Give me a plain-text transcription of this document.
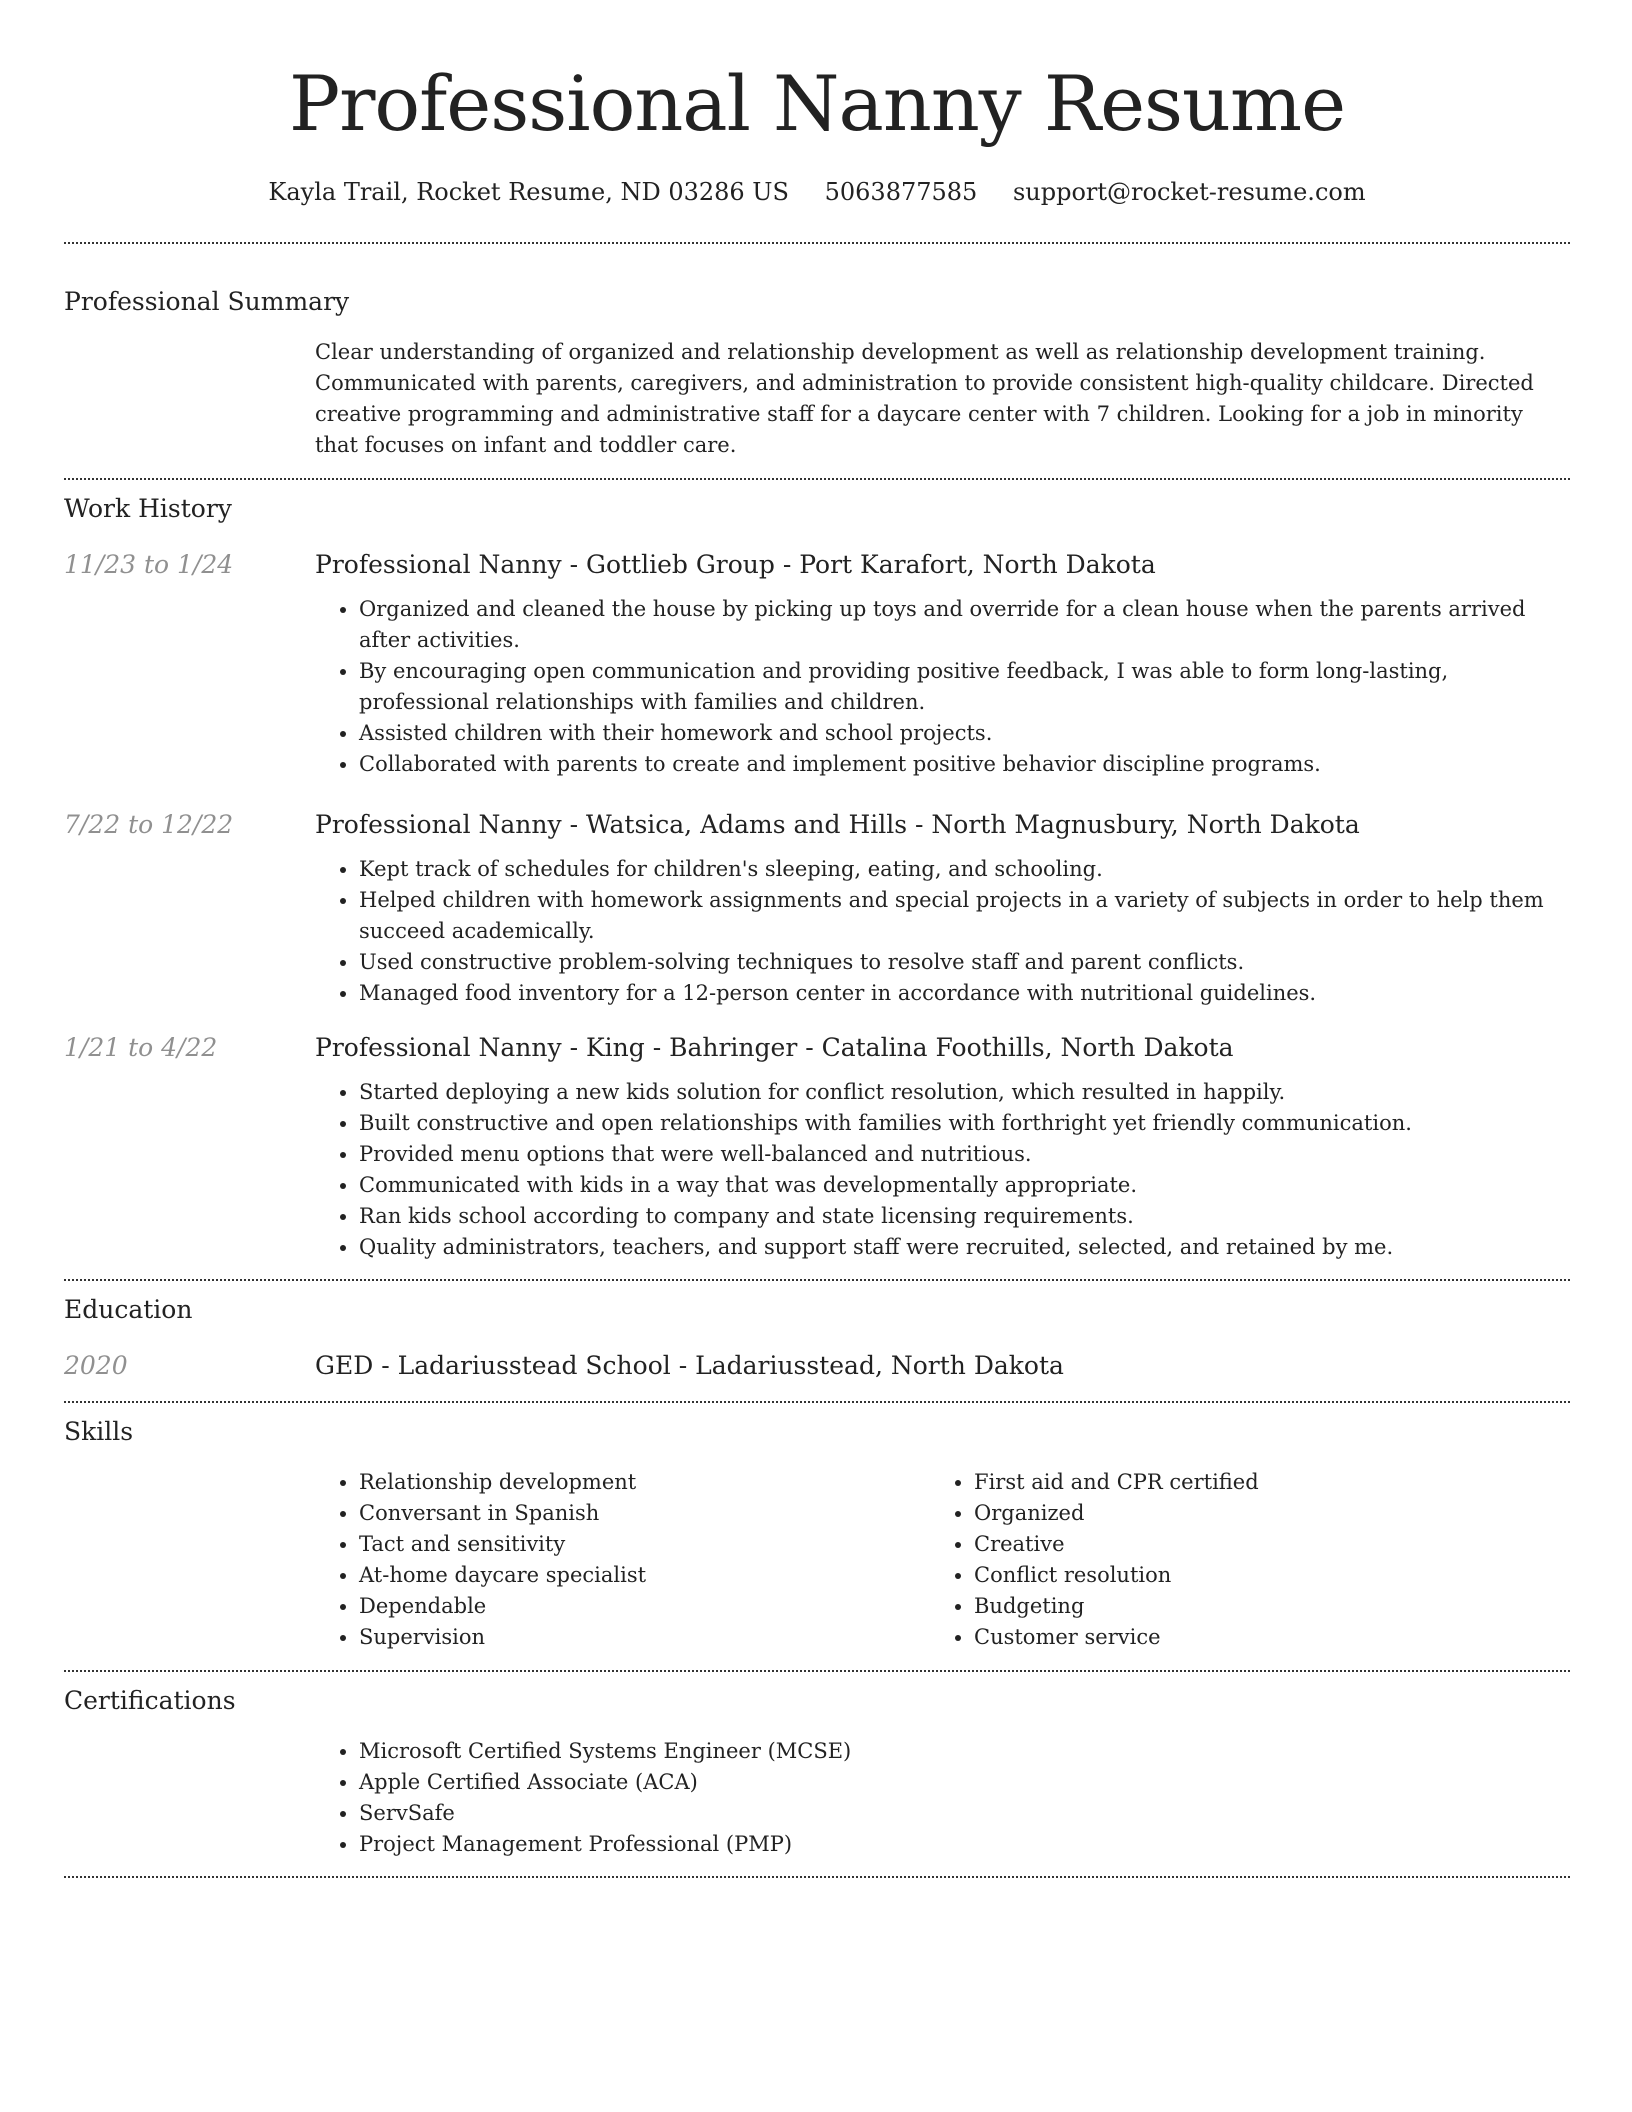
Professional Nanny Resume
Kayla Trail, Rocket Resume, ND 03286 US 5063877585 support@rocket-resume.com
Professional Summary

Clear understanding of organized and relationship development as well as relationship development training. Communicated with parents, caregivers, and administration to provide consistent high-quality childcare. Directed creative programming and administrative staff for a daycare center with 7 children. Looking for a job in minority that focuses on infant and toddler care.

Work History
11/23 to 1/24	Professional Nanny - Gottlieb Group - Port Karafort, North Dakota
• Organized and cleaned the house by picking up toys and override for a clean house when the parents arrived after activities.
• By encouraging open communication and providing positive feedback, I was able to form long-lasting, professional relationships with families and children.
• Assisted children with their homework and school projects.
• Collaborated with parents to create and implement positive behavior discipline programs.
7/22 to 12/22	Professional Nanny - Watsica, Adams and Hills - North Magnusbury, North Dakota
• Kept track of schedules for children's sleeping, eating, and schooling.
• Helped children with homework assignments and special projects in a variety of subjects in order to help them succeed academically.
• Used constructive problem-solving techniques to resolve staff and parent conflicts.
• Managed food inventory for a 12-person center in accordance with nutritional guidelines.
1/21 to 4/22	Professional Nanny - King - Bahringer - Catalina Foothills, North Dakota
• Started deploying a new kids solution for conflict resolution, which resulted in happily.
• Built constructive and open relationships with families with forthright yet friendly communication.
• Provided menu options that were well-balanced and nutritious.
• Communicated with kids in a way that was developmentally appropriate.
• Ran kids school according to company and state licensing requirements.
• Quality administrators, teachers, and support staff were recruited, selected, and retained by me.
Education
2020	GED - Ladariusstead School - Ladariusstead, North Dakota
Skills
• Relationship development
• Conversant in Spanish
• Tact and sensitivity
• At-home daycare specialist
• Dependable
• Supervision
• First aid and CPR certified
• Organized
• Creative
• Conflict resolution
• Budgeting
• Customer service
Certifications
• Microsoft Certified Systems Engineer (MCSE)
• Apple Certified Associate (ACA)
• ServSafe
• Project Management Professional (PMP)
